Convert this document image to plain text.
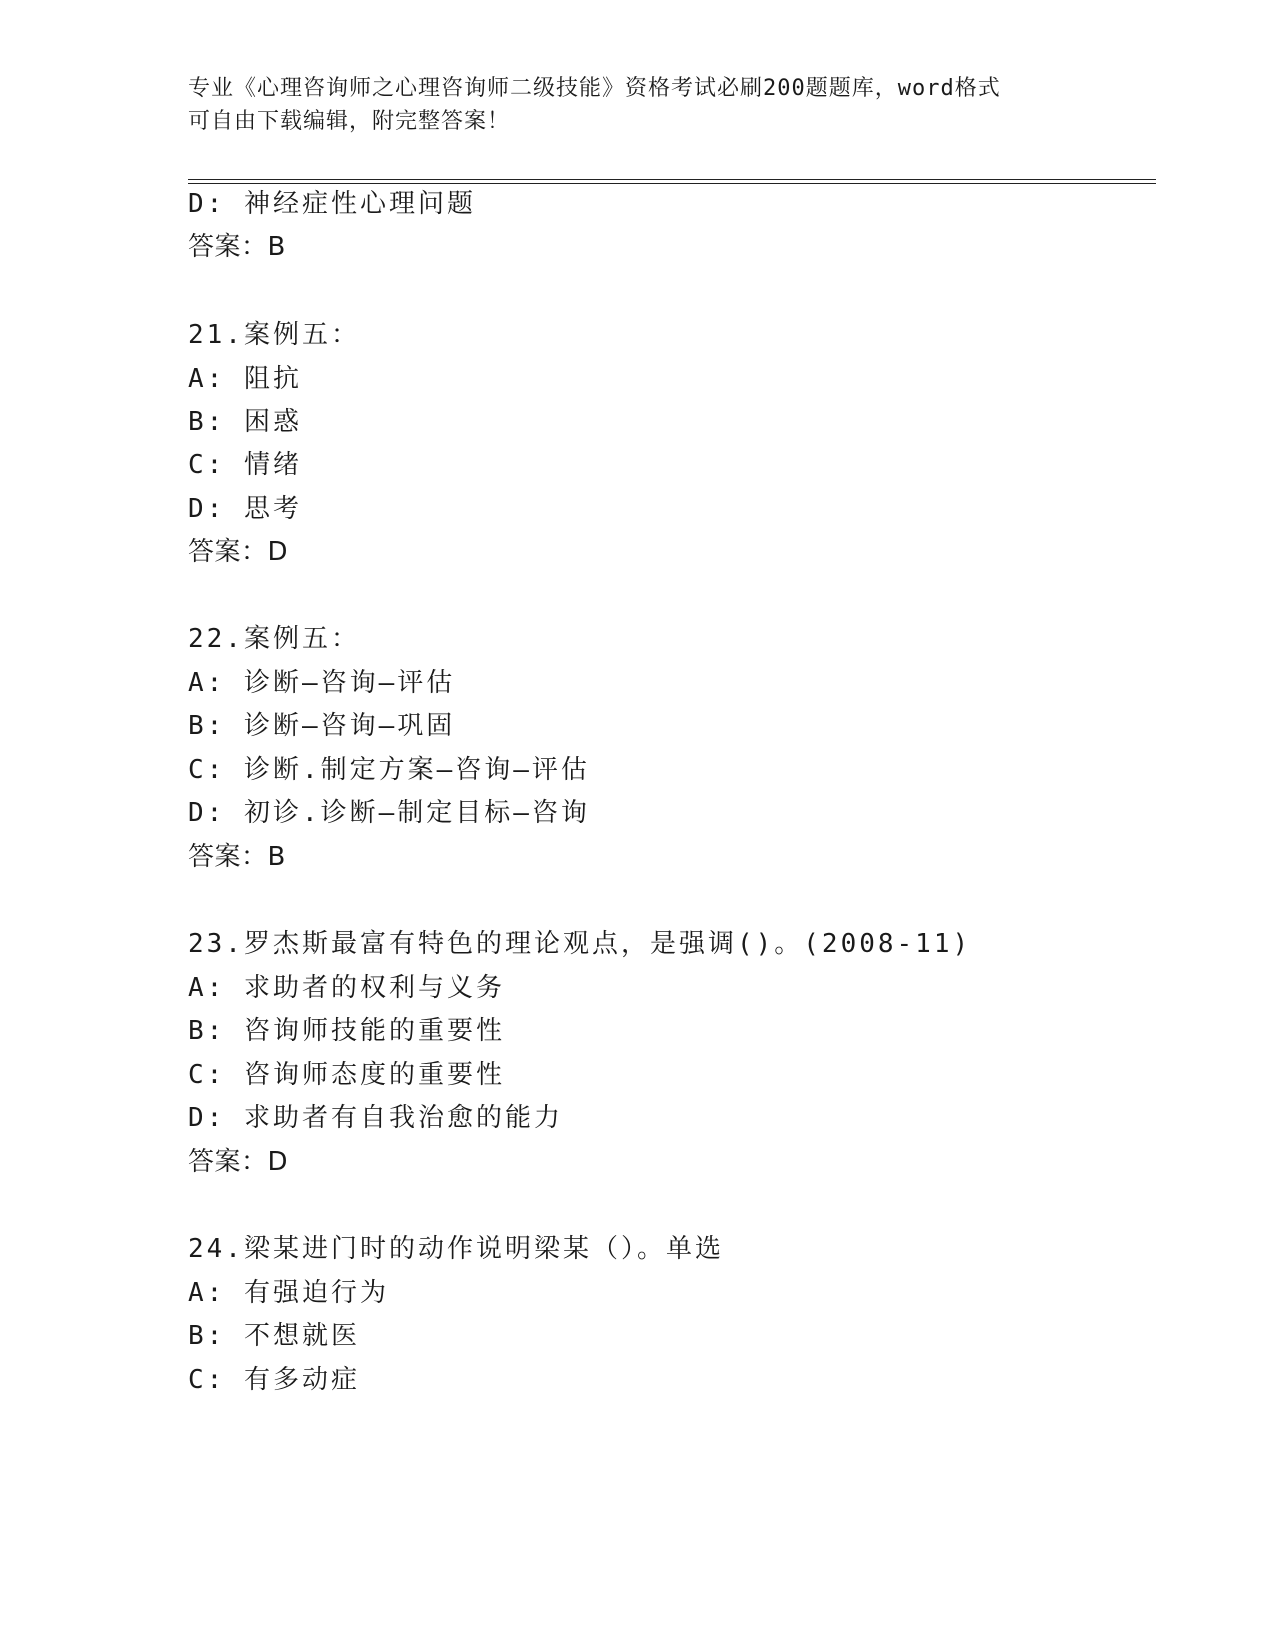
专业《心理咨询师之心理咨询师二级技能》资格考试必刷200题题库，word格式
可自由下载编辑，附完整答案！
D: 神经症性心理问题
答案：B
21.案例五：
A: 阻抗
B: 困惑
C: 情绪
D: 思考
答案：D
22.案例五：
A: 诊断—咨询—评估
B: 诊断—咨询—巩固
C: 诊断.制定方案—咨询—评估
D: 初诊.诊断—制定目标—咨询
答案：B
23.罗杰斯最富有特色的理论观点，是强调()。(2008-11)
A: 求助者的权利与义务
B: 咨询师技能的重要性
C: 咨询师态度的重要性
D: 求助者有自我治愈的能力
答案：D
24.梁某进门时的动作说明梁某（）。单选
A: 有强迫行为
B: 不想就医
C: 有多动症
